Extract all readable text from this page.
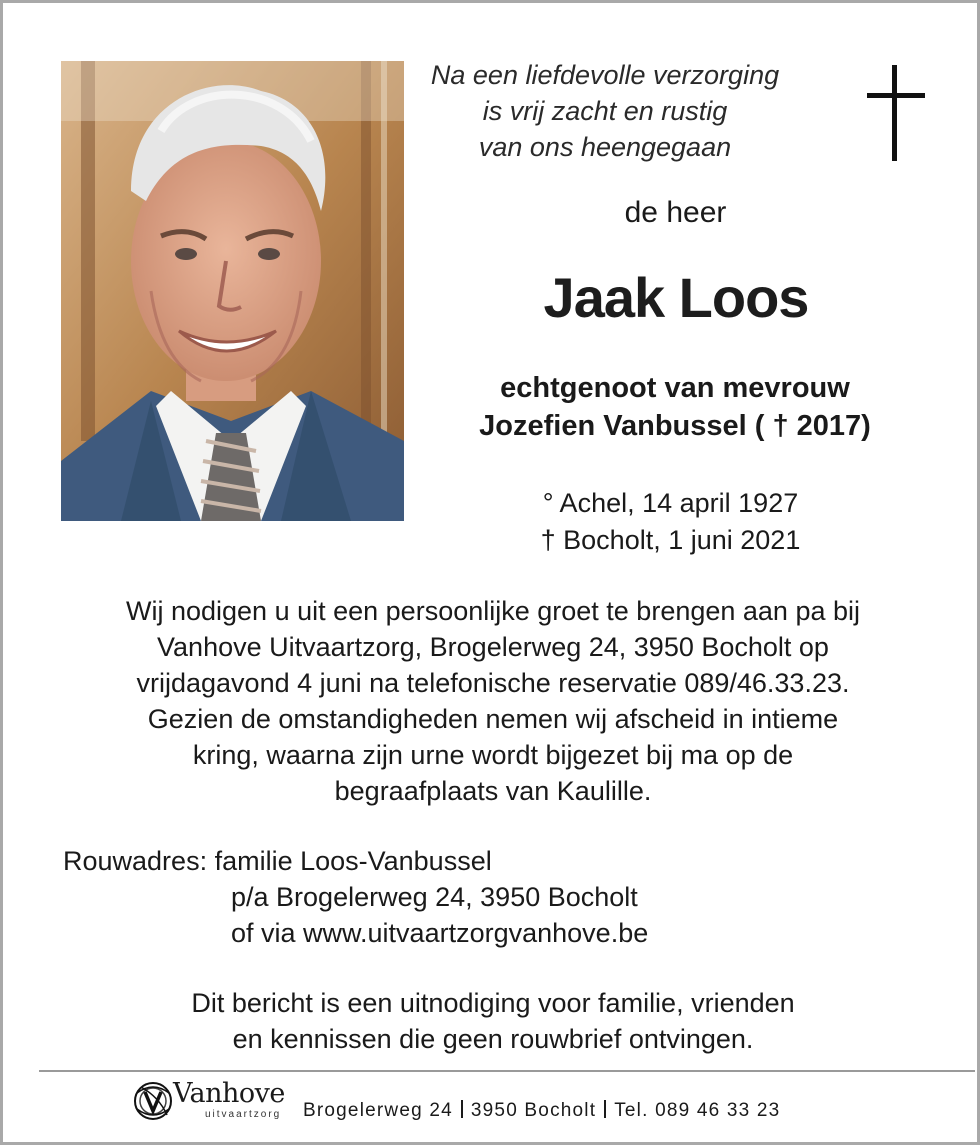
Na een liefdevolle verzorging
is vrij zacht en rustig
van ons heengegaan
de heer
Jaak Loos
echtgenoot van mevrouw
Jozefien Vanbussel ( † 2017)
° Achel, 14 april 1927
† Bocholt, 1 juni 2021
Wij nodigen u uit een persoonlijke groet te brengen aan pa bij
Vanhove Uitvaartzorg, Brogelerweg 24, 3950 Bocholt op
vrijdagavond 4 juni na telefonische reservatie 089/46.33.23.
Gezien de omstandigheden nemen wij afscheid in intieme
kring, waarna zijn urne wordt bijgezet bij ma op de
begraafplaats van Kaulille.
Rouwadres: familie Loos-Vanbussel
p/a Brogelerweg 24, 3950 Bocholt
of via www.uitvaartzorgvanhove.be
Dit bericht is een uitnodiging voor familie, vrienden
en kennissen die geen rouwbrief ontvingen.
Vanhove
uitvaartzorg Brogelerweg 24 3950 Bocholt Tel. 089 46 33 23
